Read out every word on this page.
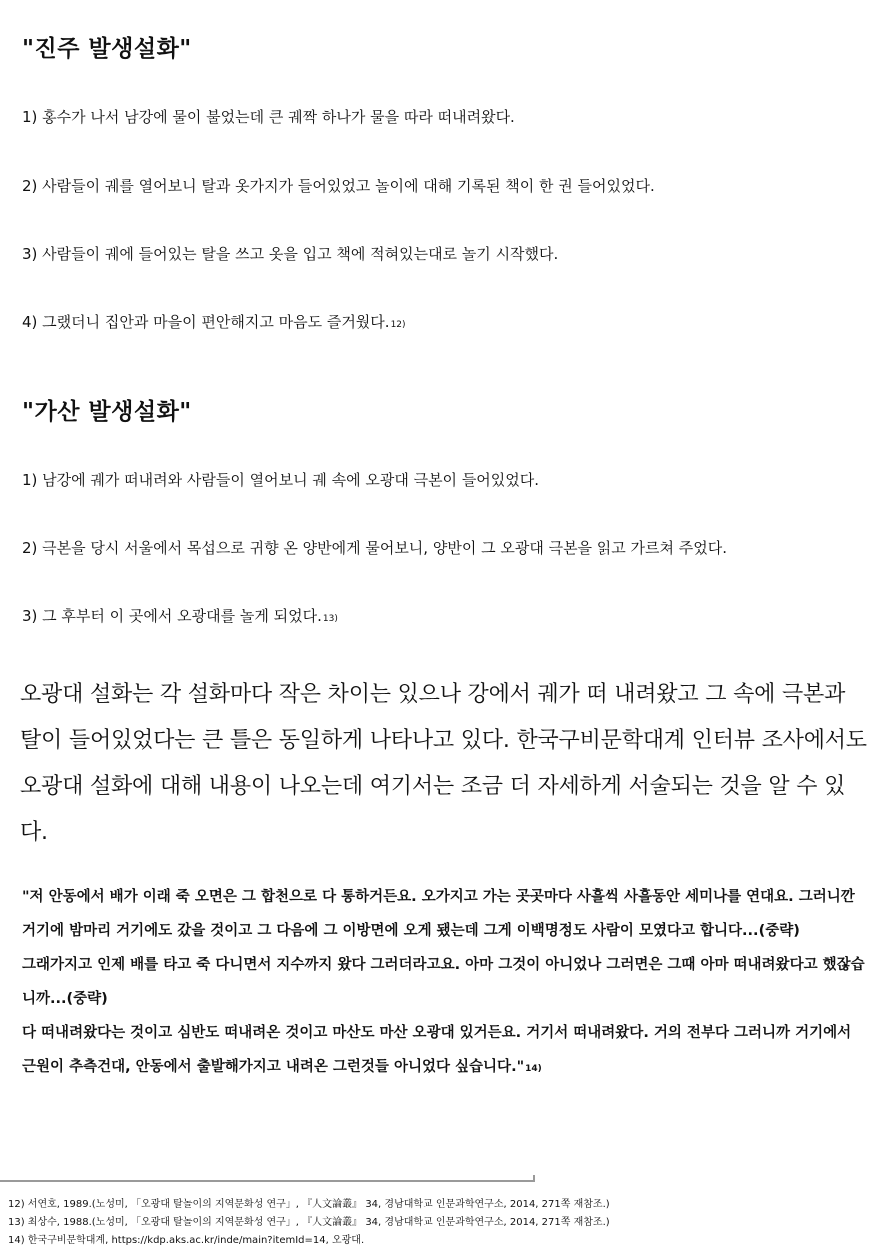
"진주 발생설화"

1) 홍수가 나서 남강에 물이 불었는데 큰 궤짝 하나가 물을 따라 떠내려왔다.

2) 사람들이 궤를 열어보니 탈과 옷가지가 들어있었고 놀이에 대해 기록된 책이 한 권 들어있었다.

3) 사람들이 궤에 들어있는 탈을 쓰고 옷을 입고 책에 적혀있는대로 놀기 시작했다.

4) 그랬더니 집안과 마을이 편안해지고 마음도 즐거웠다.12)

"가산 발생설화"

1) 남강에 궤가 떠내려와 사람들이 열어보니 궤 속에 오광대 극본이 들어있었다.

2) 극본을 당시 서울에서 목섭으로 귀향 온 양반에게 물어보니, 양반이 그 오광대 극본을 읽고 가르쳐 주었다.

3) 그 후부터 이 곳에서 오광대를 놀게 되었다.13)

오광대 설화는 각 설화마다 작은 차이는 있으나 강에서 궤가 떠 내려왔고 그 속에 극본과 탈이 들어있었다는 큰 틀은 동일하게 나타나고 있다. 한국구비문학대계 인터뷰 조사에서도 오광대 설화에 대해 내용이 나오는데 여기서는 조금 더 자세하게 서술되는 것을 알 수 있다.

"저 안동에서 배가 이래 죽 오면은 그 합천으로 다 통하거든요. 오가지고 가는 곳곳마다 사흘씩 사흘동안 세미나를 연대요. 그러니깐 거기에 밤마리 거기에도 갔을 것이고 그 다음에 그 이방면에 오게 됐는데 그게 이백명정도 사람이 모였다고 합니다...(중략)
그래가지고 인제 배를 타고 죽 다니면서 지수까지 왔다 그러더라고요. 아마 그것이 아니었나 그러면은 그때 아마 떠내려왔다고 했잖습니까...(중략)
다 떠내려왔다는 것이고 심반도 떠내려온 것이고 마산도 마산 오광대 있거든요. 거기서 떠내려왔다. 거의 전부다 그러니까 거기에서 근원이 추측건대, 안동에서 출발해가지고 내려온 그런것들 아니었다 싶습니다."14)

12) 서연호, 1989.(노성미, 「오광대 탈놀이의 지역문화성 연구」, 『人文論叢』 34, 경남대학교 인문과학연구소, 2014, 271쪽 재참조.)

13) 최상수, 1988.(노성미, 「오광대 탈놀이의 지역문화성 연구」, 『人文論叢』 34, 경남대학교 인문과학연구소, 2014, 271쪽 재참조.)

14) 한국구비문학대계, https://kdp.aks.ac.kr/inde/main?itemId=14, 오광대.
